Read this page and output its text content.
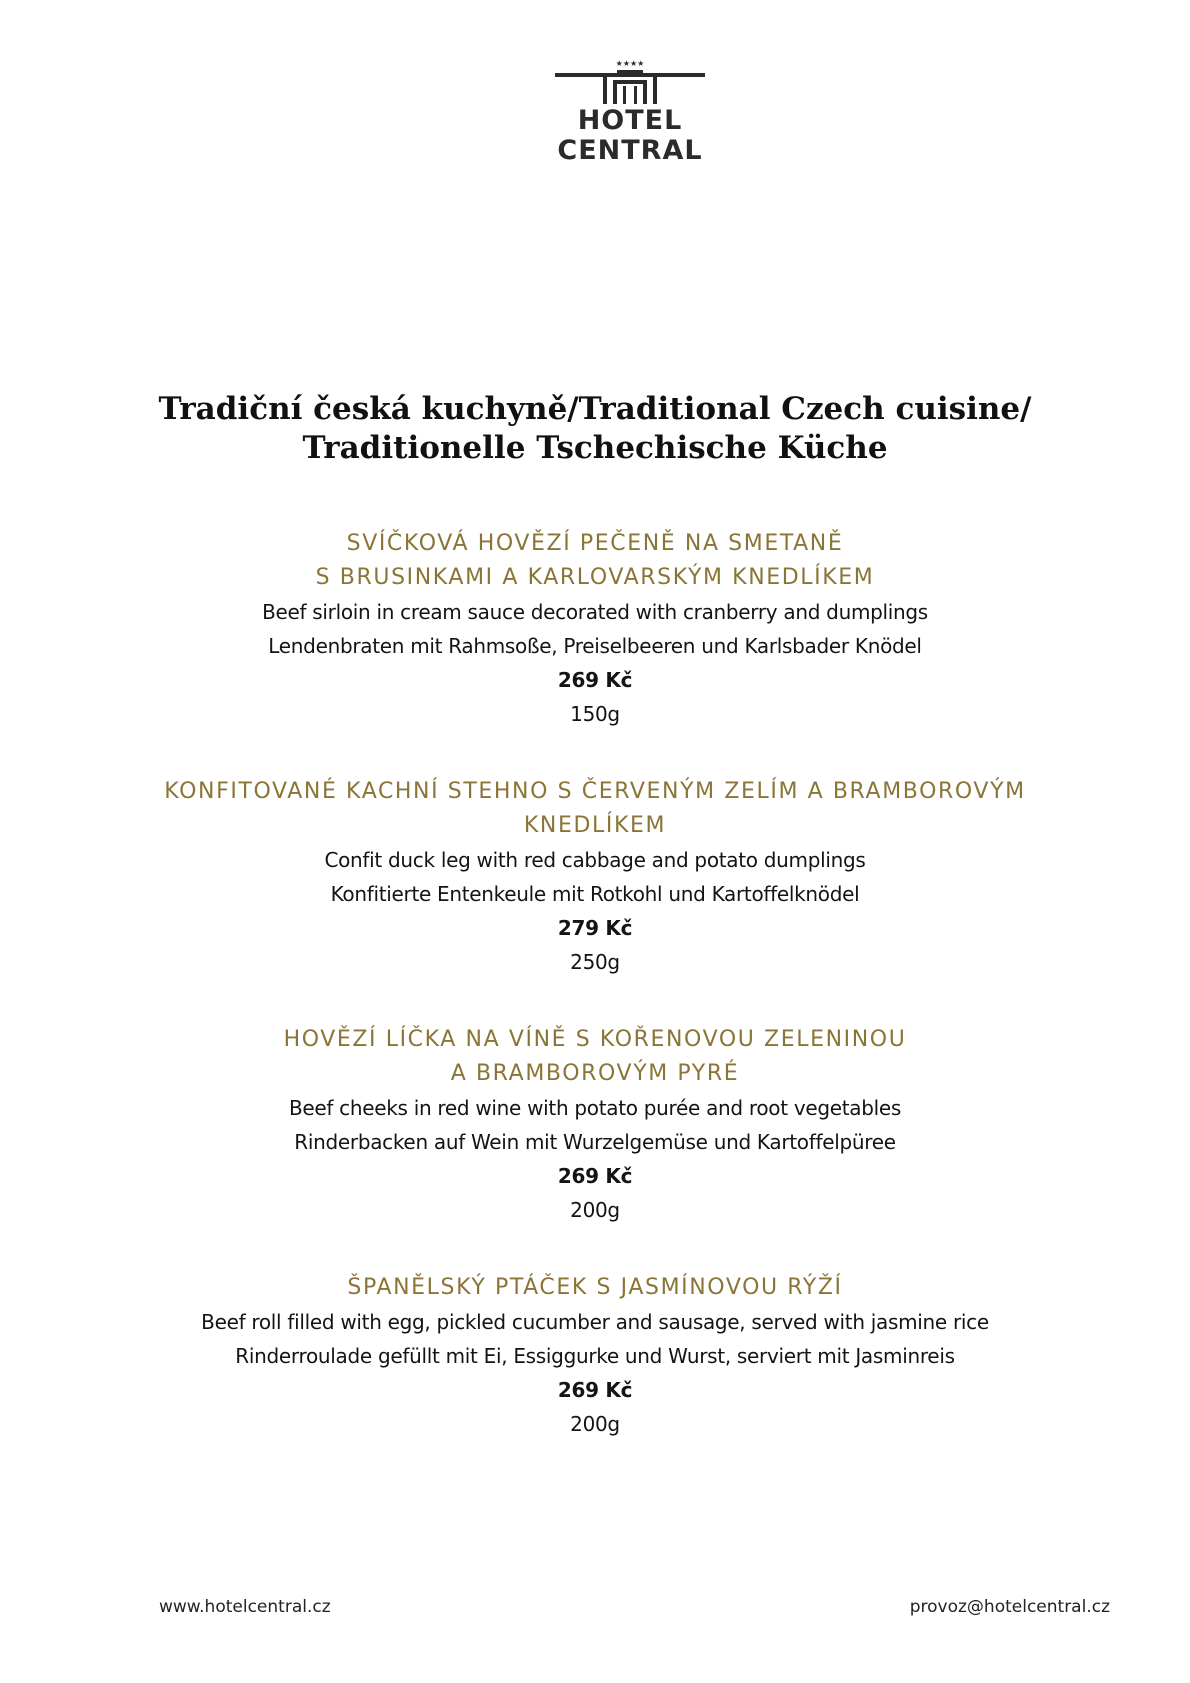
★★★★
HOTEL
CENTRAL
Tradiční česká kuchyně/Traditional Czech cuisine/
Traditionelle Tschechische Küche

SVÍČKOVÁ HOVĚZÍ PEČENĚ NA SMETANĚ

S BRUSINKAMI A KARLOVARSKÝM KNEDLÍKEM

Beef sirloin in cream sauce decorated with cranberry and dumplings

Lendenbraten mit Rahmsoße, Preiselbeeren und Karlsbader Knödel

269 Kč

150g

KONFITOVANÉ KACHNÍ STEHNO S ČERVENÝM ZELÍM A BRAMBOROVÝM

KNEDLÍKEM

Confit duck leg with red cabbage and potato dumplings

Konfitierte Entenkeule mit Rotkohl und Kartoffelknödel

279 Kč

250g

HOVĚZÍ LÍČKA NA VÍNĚ S KOŘENOVOU ZELENINOU

A BRAMBOROVÝM PYRÉ

Beef cheeks in red wine with potato purée and root vegetables

Rinderbacken auf Wein mit Wurzelgemüse und Kartoffelpüree

269 Kč

200g

ŠPANĚLSKÝ PTÁČEK S JASMÍNOVOU RÝŽÍ

Beef roll filled with egg, pickled cucumber and sausage, served with jasmine rice

Rinderroulade gefüllt mit Ei, Essiggurke und Wurst, serviert mit Jasminreis

269 Kč

200g

www.hotelcentral.cz	provoz@hotelcentral.cz
